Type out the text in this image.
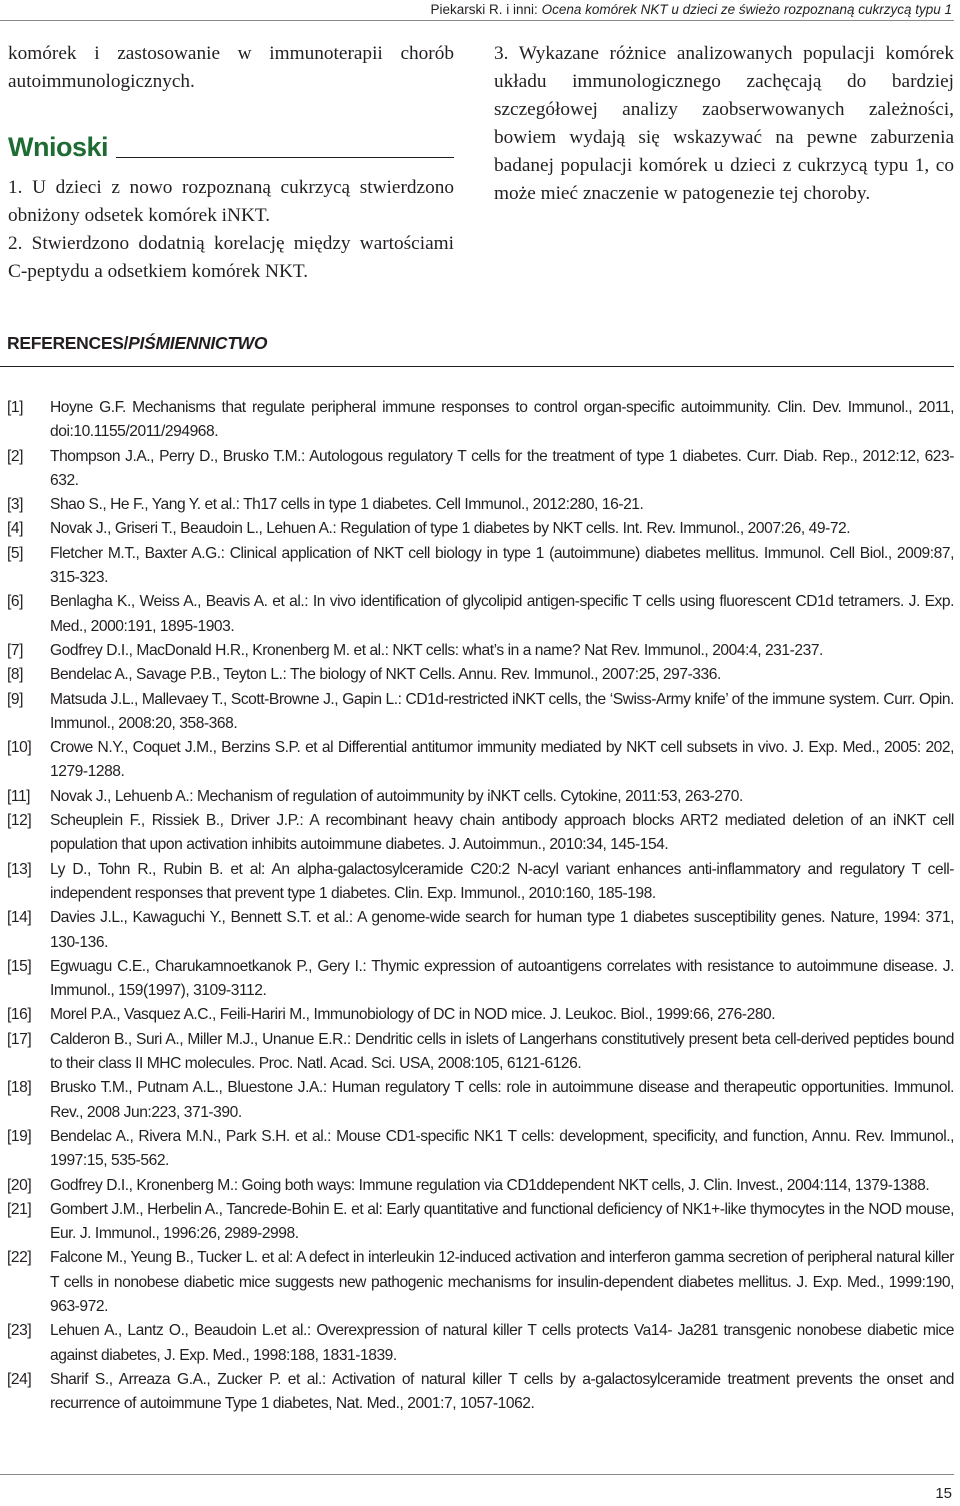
Piekarski R. i inni: Ocena komórek NKT u dzieci ze świeżo rozpoznaną cukrzycą typu 1

komórek i zastosowanie w immunoterapii chorób autoimmunologicznych.

Wnioski

1. U dzieci z nowo rozpoznaną cukrzycą stwierdzono obniżony odsetek komórek iNKT.

2. Stwierdzono dodatnią korelację między wartościami C-peptydu a odsetkiem komórek NKT.

3. Wykazane różnice analizowanych populacji komórek układu immunologicznego zachęcają do bardziej szczegółowej analizy zaobserwowanych zależności, bowiem wydają się wskazywać na pewne zaburzenia badanej populacji komórek u dzieci z cukrzycą typu 1, co może mieć znaczenie w patogenezie tej choroby.

REFERENCES/PIŚMIENNICTWO
[1]	Hoyne G.F. Mechanisms that regulate peripheral immune responses to control organ-specific autoimmunity. Clin. Dev. Immunol., 2011, doi:10.1155/2011/294968.
[2]	Thompson J.A., Perry D., Brusko T.M.: Autologous regulatory T cells for the treatment of type 1 diabetes. Curr. Diab. Rep., 2012:12, 623-632.
[3]	Shao S., He F., Yang Y. et al.: Th17 cells in type 1 diabetes. Cell Immunol., 2012:280, 16-21.
[4]	Novak J., Griseri T., Beaudoin L., Lehuen A.: Regulation of type 1 diabetes by NKT cells. Int. Rev. Immunol., 2007:26, 49-72.
[5]	Fletcher M.T., Baxter A.G.: Clinical application of NKT cell biology in type 1 (autoimmune) diabetes mellitus. Immunol. Cell Biol., 2009:87, 315-323.
[6]	Benlagha K., Weiss A., Beavis A. et al.: In vivo identification of glycolipid antigen-specific T cells using fluorescent CD1d tetramers. J. Exp. Med., 2000:191, 1895-1903.
[7]	Godfrey D.I., MacDonald H.R., Kronenberg M. et al.: NKT cells: what’s in a name? Nat Rev. Immunol., 2004:4, 231-237.
[8]	Bendelac A., Savage P.B., Teyton L.: The biology of NKT Cells. Annu. Rev. Immunol., 2007:25, 297-336.
[9]	Matsuda J.L., Mallevaey T., Scott-Browne J., Gapin L.: CD1d-restricted iNKT cells, the ‘Swiss-Army knife’ of the immune system. Curr. Opin. Immunol., 2008:20, 358-368.
[10]	Crowe N.Y., Coquet J.M., Berzins S.P. et al Differential antitumor immunity mediated by NKT cell subsets in vivo. J. Exp. Med., 2005: 202, 1279-1288.
[11]	Novak J., Lehuenb A.: Mechanism of regulation of autoimmunity by iNKT cells. Cytokine, 2011:53, 263-270.
[12]	Scheuplein F., Rissiek B., Driver J.P.: A recombinant heavy chain antibody approach blocks ART2 mediated deletion of an iNKT cell population that upon activation inhibits autoimmune diabetes. J. Autoimmun., 2010:34, 145-154.
[13]	Ly D., Tohn R., Rubin B. et al: An alpha-galactosylceramide C20:2 N-acyl variant enhances anti-inflammatory and regulatory T cell-independent responses that prevent type 1 diabetes. Clin. Exp. Immunol., 2010:160, 185-198.
[14]	Davies J.L., Kawaguchi Y., Bennett S.T. et al.: A genome-wide search for human type 1 diabetes susceptibility genes. Nature, 1994: 371, 130-136.
[15]	Egwuagu C.E., Charukamnoetkanok P., Gery I.: Thymic expression of autoantigens correlates with resistance to autoimmune disease. J. Immunol., 159(1997), 3109-3112.
[16]	Morel P.A., Vasquez A.C., Feili-Hariri M., Immunobiology of DC in NOD mice. J. Leukoc. Biol., 1999:66, 276-280.
[17]	Calderon B., Suri A., Miller M.J., Unanue E.R.: Dendritic cells in islets of Langerhans constitutively present beta cell-derived peptides bound to their class II MHC molecules. Proc. Natl. Acad. Sci. USA, 2008:105, 6121-6126.
[18]	Brusko T.M., Putnam A.L., Bluestone J.A.: Human regulatory T cells: role in autoimmune disease and therapeutic opportunities. Immunol. Rev., 2008 Jun:223, 371-390.
[19]	Bendelac A., Rivera M.N., Park S.H. et al.: Mouse CD1-specific NK1 T cells: development, specificity, and function, Annu. Rev. Immunol., 1997:15, 535-562.
[20]	Godfrey D.I., Kronenberg M.: Going both ways: Immune regulation via CD1ddependent NKT cells, J. Clin. Invest., 2004:114, 1379-1388.
[21]	Gombert J.M., Herbelin A., Tancrede-Bohin E. et al: Early quantitative and functional deficiency of NK1+-like thymocytes in the NOD mouse, Eur. J. Immunol., 1996:26, 2989-2998.
[22]	Falcone M., Yeung B., Tucker L. et al: A defect in interleukin 12-induced activation and interferon gamma secretion of peripheral natural killer T cells in nonobese diabetic mice suggests new pathogenic mechanisms for insulin-dependent diabetes mellitus. J. Exp. Med., 1999:190, 963-972.
[23]	Lehuen A., Lantz O., Beaudoin L.et al.: Overexpression of natural killer T cells protects Va14- Ja281 transgenic nonobese diabetic mice against diabetes, J. Exp. Med., 1998:188, 1831-1839.
[24]	Sharif S., Arreaza G.A., Zucker P. et al.: Activation of natural killer T cells by a-galactosylceramide treatment prevents the onset and recurrence of autoimmune Type 1 diabetes, Nat. Med., 2001:7, 1057-1062.
15
